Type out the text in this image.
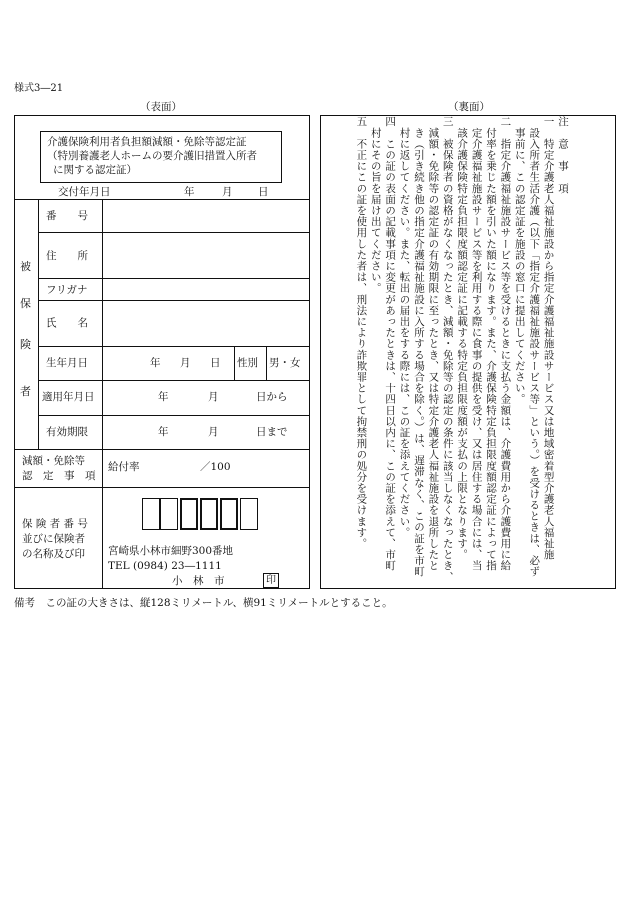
様式3―21
（表面）	（裏面）
介護保険利用者負担額減額・免除等認定証
（特別養護老人ホームの要介護旧措置入所者
に関する認定証）
交付年月日	年	月 日
被
保
険
者
番　　号
住　　所
フリガナ
氏　　名
生年月日	年 月 日 性別 男・女
適用年月日	年	月	日から
有効期限	年	月	日まで
減額・免除等
認　定　事　項
給付率	／100
保 険 者 番 号
並びに保険者
の名称及び印 宮崎県小林市細野300番地
TEL (0984) 23―1111
小　林　市	印
注　意　事　項
一　特定介護老人福祉施設から指定介護福祉施設サービス又は地域密着型介護老人福祉施
　設入所者生活介護（以下「指定介護福祉施設サービス等」という。）を受けるときは、必ず
　事前に、この認定証を施設の窓口に提出してください。
二　指定介護福祉施設サービス等を受けるときに支払う金額は、介護費用から介護費用に給
　付率を乗じた額を引いた額になります。また、介護保険特定負担限度額認定証によって指
　定介護福祉施設サービス等を利用する際に食事の提供を受け、又は居住する場合には、当
　該介護保険特定負担限度額認定証に記載する特定負担限度額が支払の上限となります。
三　被保険者の資格がなくなったとき、減額・免除等の認定の条件に該当しなくなったとき、
　減額・免除等の認定証の有効期限に至ったとき、又は特定介護老人福祉施設を退所したと
　き（引き続き他の指定介護福祉施設に入所する場合を除く。）は、遅滞なく、この証を市町
　村に返してください。また、転出の届出をする際には、この証を添えてください。
四　この証の表面の記載事項に変更があったときは、十四日以内に、この証を添えて、市町
　村にその旨を届け出てください。
五　不正にこの証を使用した者は、刑法により詐欺罪として拘禁刑の処分を受けます。
備考　この証の大きさは、縦128ミリメートル、横91ミリメートルとすること。
